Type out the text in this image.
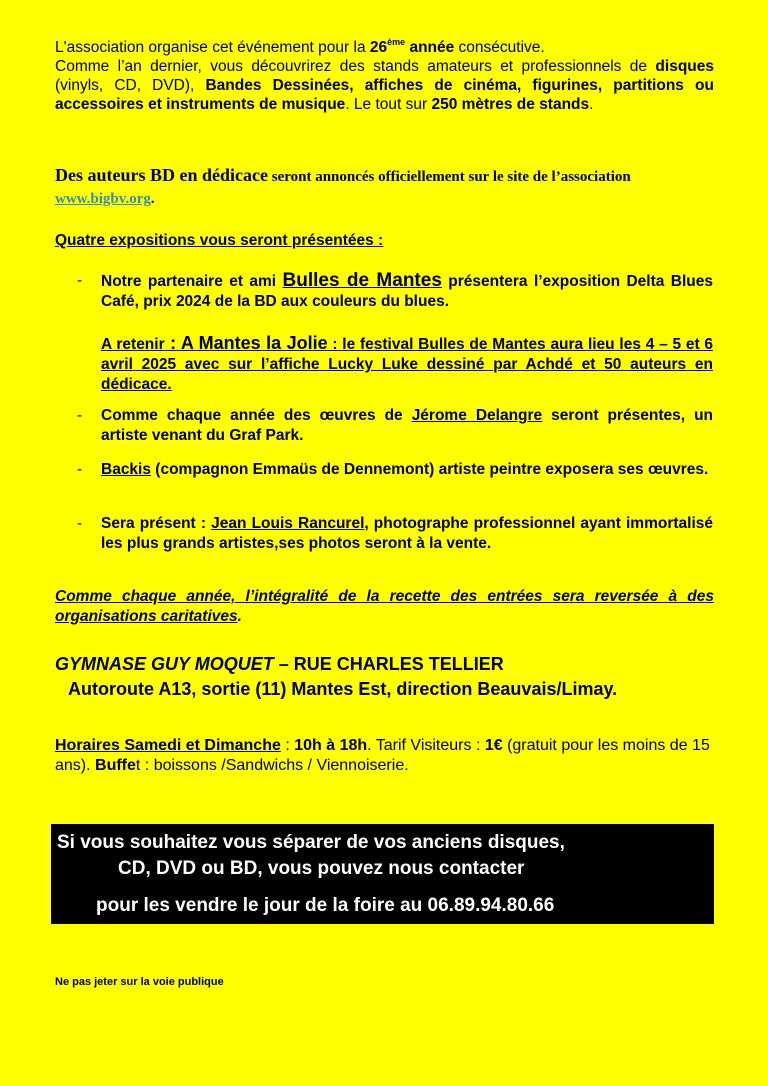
L'association organise cet événement pour la 26ème année consécutive.
Comme l’an dernier, vous découvrirez des stands amateurs et professionnels de disques (vinyls, CD, DVD), Bandes Dessinées, affiches de cinéma, figurines, partitions ou accessoires et instruments de musique. Le tout sur 250 mètres de stands.
Des auteurs BD en dédicace seront annoncés officiellement sur le site de l’association www.bigbv.org.
Quatre expositions vous seront présentées :
- Notre partenaire et ami Bulles de Mantes présentera l’exposition Delta Blues Café, prix 2024 de la BD aux couleurs du blues.
A retenir : A Mantes la Jolie : le festival Bulles de Mantes aura lieu les 4 – 5 et 6 avril 2025 avec sur l’affiche Lucky Luke dessiné par Achdé et 50 auteurs en dédicace.
- Comme chaque année des œuvres de Jérome Delangre seront présentes, un artiste venant du Graf Park.
- Backis (compagnon Emmaüs de Dennemont) artiste peintre exposera ses œuvres.
- Sera présent : Jean Louis Rancurel, photographe professionnel ayant immortalisé les plus grands artistes,ses photos seront à la vente.
Comme chaque année, l’intégralité de la recette des entrées sera reversée à des organisations caritatives.
GYMNASE GUY MOQUET – RUE CHARLES TELLIER
Autoroute A13, sortie (11) Mantes Est, direction Beauvais/Limay.
Horaires Samedi et Dimanche : 10h à 18h. Tarif Visiteurs : 1€ (gratuit pour les moins de 15 ans). Buffet : boissons /Sandwichs / Viennoiserie.
Si vous souhaitez vous séparer de vos anciens disques,
CD, DVD ou BD, vous pouvez nous contacter
pour les vendre le jour de la foire au 06.89.94.80.66
Ne pas jeter sur la voie publique
